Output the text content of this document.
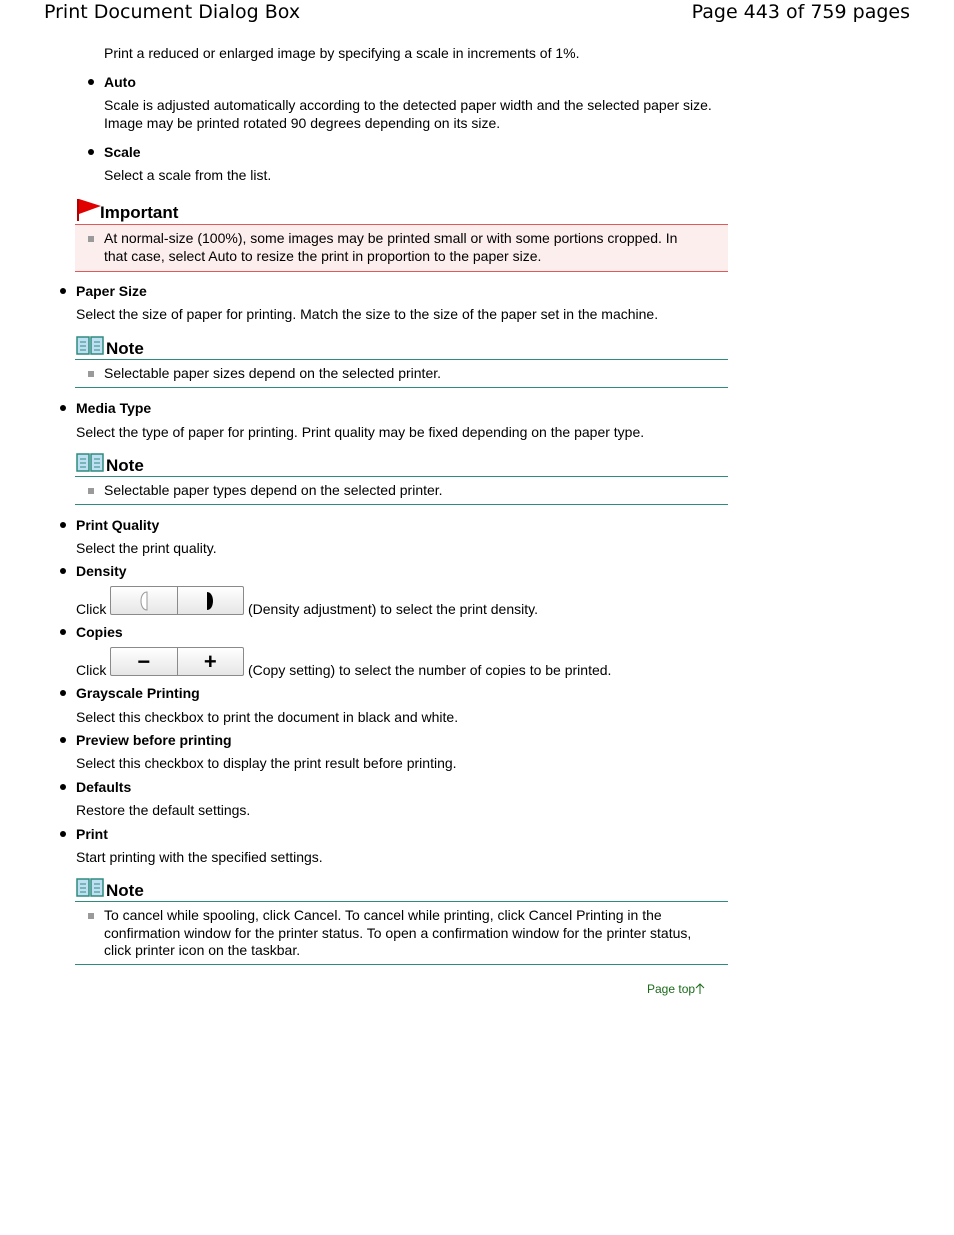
Print Document Dialog Box	Page 443 of 759 pages
Print a reduced or enlarged image by specifying a scale in increments of 1%.
Auto
Scale is adjusted automatically according to the detected paper width and the selected paper size.
Image may be printed rotated 90 degrees depending on its size.
Scale
Select a scale from the list.
Important
At normal-size (100%), some images may be printed small or with some portions cropped. In
that case, select Auto to resize the print in proportion to the paper size.
Paper Size
Select the size of paper for printing. Match the size to the size of the paper set in the machine.
Note
Selectable paper sizes depend on the selected printer.
Media Type
Select the type of paper for printing. Print quality may be fixed depending on the paper type.
Note
Selectable paper types depend on the selected printer.
Print Quality
Select the print quality.
Density
Click	(Density adjustment) to select the print density.
Copies
Click − + (Copy setting) to select the number of copies to be printed.
Grayscale Printing
Select this checkbox to print the document in black and white.
Preview before printing
Select this checkbox to display the print result before printing.
Defaults
Restore the default settings.
Print
Start printing with the specified settings.
Note
To cancel while spooling, click Cancel. To cancel while printing, click Cancel Printing in the
confirmation window for the printer status. To open a confirmation window for the printer status,
click printer icon on the taskbar.
Page top
